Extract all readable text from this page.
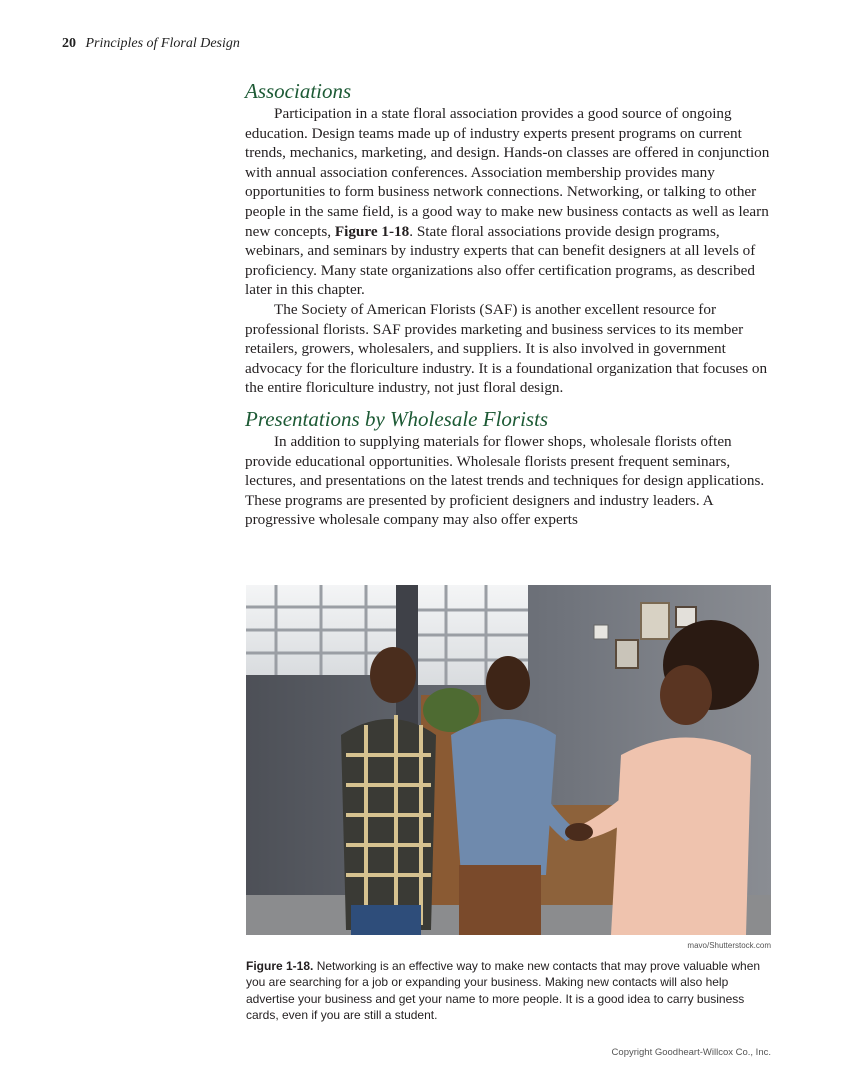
20 Principles of Floral Design
Associations

Participation in a state floral association provides a good source of ongoing education. Design teams made up of industry experts present programs on current trends, mechanics, marketing, and design. Hands-on classes are offered in conjunction with annual association conferences. Association membership provides many opportunities to form business network connections. Networking, or talking to other people in the same field, is a good way to make new business contacts as well as learn new concepts, Figure 1-18. State floral associations provide design programs, webinars, and seminars by industry experts that can benefit designers at all levels of proficiency. Many state organizations also offer certification programs, as described later in this chapter.

The Society of American Florists (SAF) is another excellent resource for professional florists. SAF provides marketing and business services to its member retailers, growers, wholesalers, and suppliers. It is also involved in government advocacy for the floriculture industry. It is a foundational organization that focuses on the entire floriculture industry, not just floral design.

Presentations by Wholesale Florists

In addition to supplying materials for flower shops, wholesale florists often provide educational opportunities. Wholesale florists present frequent seminars, lectures, and presentations on the latest trends and techniques for design applications. These programs are presented by proficient designers and industry leaders. A progressive wholesale company may also offer experts

mavo/Shutterstock.com
Figure 1-18. Networking is an effective way to make new contacts that may prove valuable when you are searching for a job or expanding your business. Making new contacts will also help advertise your business and get your name to more people. It is a good idea to carry business cards, even if you are still a student.
Copyright Goodheart-Willcox Co., Inc.
